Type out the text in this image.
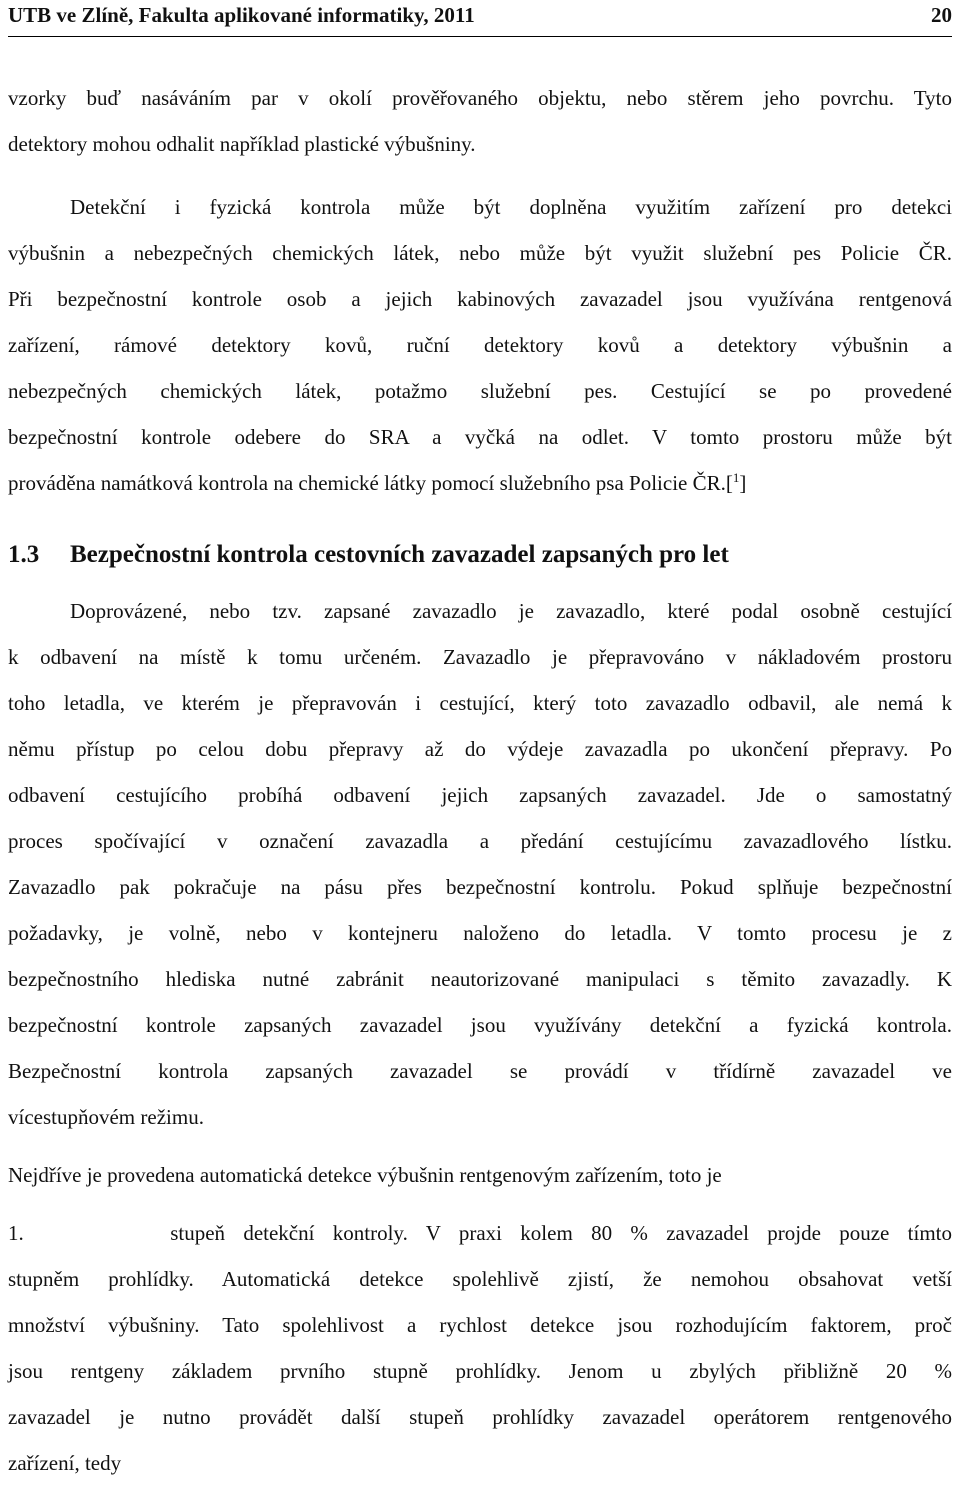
UTB ve Zlíně, Fakulta aplikované informatiky, 2011	20

vzorky buď nasáváním par v okolí prověřovaného objektu, nebo stěrem jeho povrchu. Tyto
detektory mohou odhalit například plastické výbušniny.

Detekční i fyzická kontrola může být doplněna využitím zařízení pro detekci
výbušnin a nebezpečných chemických látek, nebo může být využit služební pes Policie ČR.
Při bezpečnostní kontrole osob a jejich kabinových zavazadel jsou využívána rentgenová
zařízení, rámové detektory kovů, ruční detektory kovů a detektory výbušnin a
nebezpečných chemických látek, potažmo služební pes. Cestující se po provedené
bezpečnostní kontrole odebere do SRA a vyčká na odlet. V tomto prostoru může být
prováděna namátková kontrola na chemické látky pomocí služebního psa Policie ČR.[$^1$]

1.3 Bezpečnostní kontrola cestovních zavazadel zapsaných pro let

Doprovázené, nebo tzv. zapsané zavazadlo je zavazadlo, které podal osobně cestující
k odbavení na místě k tomu určeném. Zavazadlo je přepravováno v nákladovém prostoru
toho letadla, ve kterém je přepravován i cestující, který toto zavazadlo odbavil, ale nemá k
němu přístup po celou dobu přepravy až do výdeje zavazadla po ukončení přepravy. Po
odbavení cestujícího probíhá odbavení jejich zapsaných zavazadel. Jde o samostatný
proces spočívající v označení zavazadla a předání cestujícímu zavazadlového lístku.
Zavazadlo pak pokračuje na pásu přes bezpečnostní kontrolu. Pokud splňuje bezpečnostní
požadavky, je volně, nebo v kontejneru naloženo do letadla. V tomto procesu je z
bezpečnostního hlediska nutné zabránit neautorizované manipulaci s těmito zavazadly. K
bezpečnostní kontrole zapsaných zavazadel jsou využívány detekční a fyzická kontrola.
Bezpečnostní kontrola zapsaných zavazadel se provádí v třídírně zavazadel ve
vícestupňovém režimu.

Nejdříve je provedena automatická detekce výbušnin rentgenovým zařízením, toto je

1.        stupeň detekční kontroly. V praxi kolem 80 % zavazadel projde pouze tímto
stupněm prohlídky. Automatická detekce spolehlivě zjistí, že nemohou obsahovat vetší
množství výbušniny. Tato spolehlivost a rychlost detekce jsou rozhodujícím faktorem, proč
jsou rentgeny základem prvního stupně prohlídky. Jenom u zbylých přibližně 20 %
zavazadel je nutno provádět další stupeň prohlídky zavazadel operátorem rentgenového
zařízení, tedy
